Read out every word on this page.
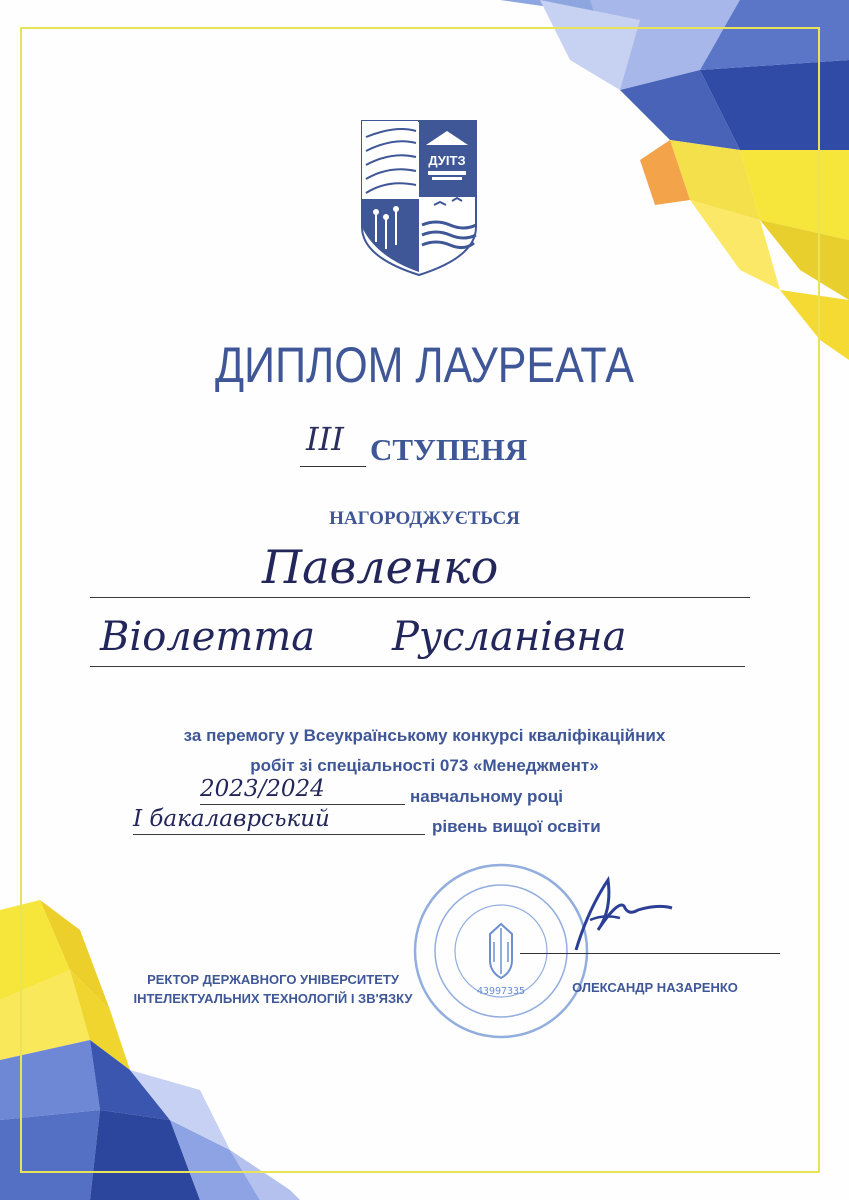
ДУІТЗ
ДИПЛОМ ЛАУРЕАТА
III СТУПЕНЯ
НАГОРОДЖУЄТЬСЯ
Павленко
Віолетта Русланівна
за перемогу у Всеукраїнському конкурсі кваліфікаційних
робіт зі спеціальності 073 «Менеджмент»
2023/2024	навчальному році
I бакалаврський	рівень вищої освіти
43997335
РЕКТОР ДЕРЖАВНОГО УНІВЕРСИТЕТУ
ІНТЕЛЕКТУАЛЬНИХ ТЕХНОЛОГІЙ І ЗВ'ЯЗКУ
ОЛЕКСАНДР НАЗАРЕНКО
